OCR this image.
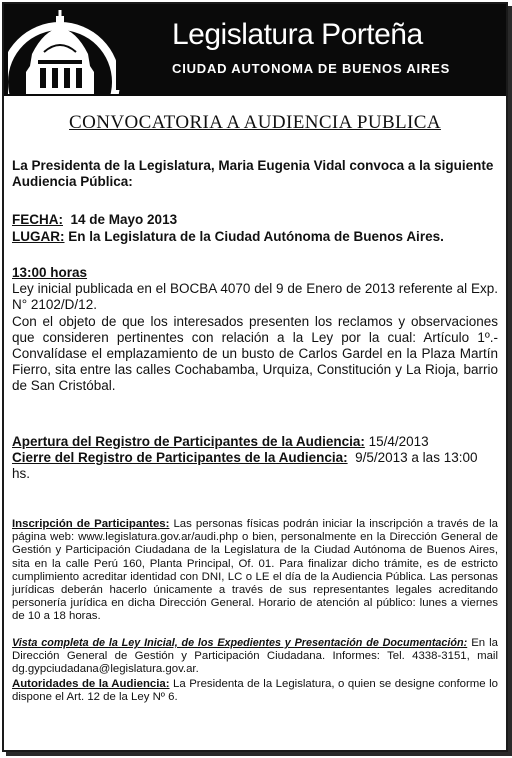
Legislatura Porteña
CIUDAD AUTONOMA DE BUENOS AIRES
CONVOCATORIA A AUDIENCIA PUBLICA
La Presidenta de la Legislatura, Maria Eugenia Vidal convoca a la siguiente Audiencia Pública:
FECHA: 14 de Mayo 2013
LUGAR: En la Legislatura de la Ciudad Autónoma de Buenos Aires.
13:00 horas
Ley inicial publicada en el BOCBA 4070 del 9 de Enero de 2013 referente al Exp. N° 2102/D/12.
Con el objeto de que los interesados presenten los reclamos y observaciones que consideren pertinentes con relación a la Ley por la cual: Artículo 1º.- Convalídase el emplazamiento de un busto de Carlos Gardel en la Plaza Martín Fierro, sita entre las calles Cochabamba, Urquiza, Constitución y La Rioja, barrio de San Cristóbal.
Apertura del Registro de Participantes de la Audiencia: 15/4/2013
Cierre del Registro de Participantes de la Audiencia: 9/5/2013 a las 13:00 hs.
Inscripción de Participantes: Las personas físicas podrán iniciar la inscripción a través de la página web: www.legislatura.gov.ar/audi.php o bien, personalmente en la Dirección General de Gestión y Participación Ciudadana de la Legislatura de la Ciudad Autónoma de Buenos Aires, sita en la calle Perú 160, Planta Principal, Of. 01. Para finalizar dicho trámite, es de estricto cumplimiento acreditar identidad con DNI, LC o LE el día de la Audiencia Pública. Las personas jurídicas deberán hacerlo únicamente a través de sus representantes legales acreditando personería jurídica en dicha Dirección General. Horario de atención al público: lunes a viernes de 10 a 18 horas.
Vista completa de la Ley Inicial, de los Expedientes y Presentación de Documentación: En la Dirección General de Gestión y Participación Ciudadana. Informes: Tel. 4338-3151, mail dg.gypciudadana@legislatura.gov.ar.
Autoridades de la Audiencia: La Presidenta de la Legislatura, o quien se designe conforme lo dispone el Art. 12 de la Ley Nº 6.
